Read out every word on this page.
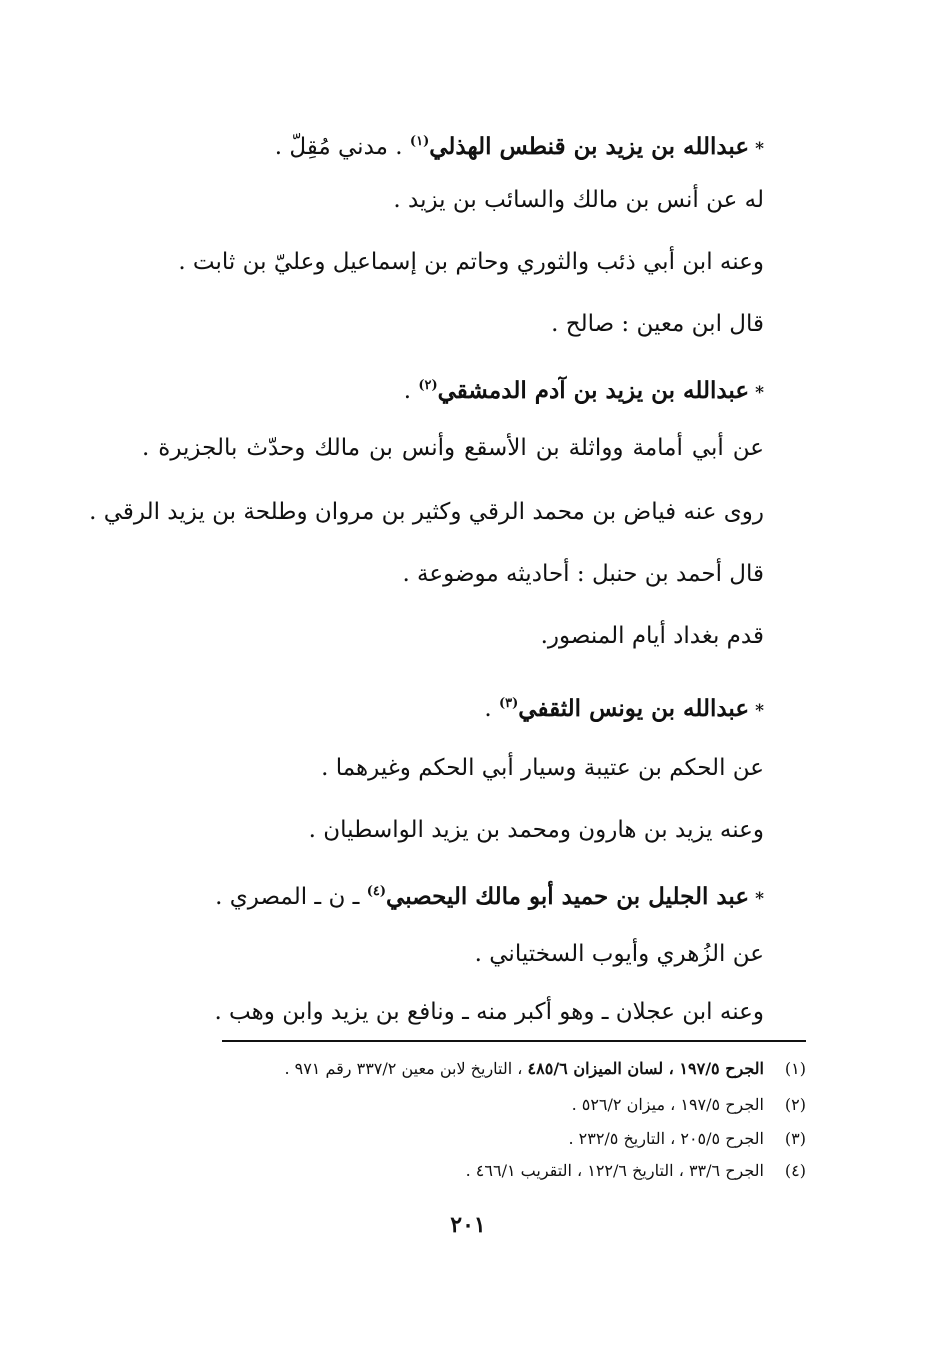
*عبدالله بن يزيد بن قنطس الهذلي$^{(١)}$ . مدني مُقِلّ .
له عن أنس بن مالك والسائب بن يزيد .
وعنه ابن أبي ذئب والثوري وحاتم بن إسماعيل وعليّ بن ثابت .
قال ابن معين : صالح .
*عبدالله بن يزيد بن آدم الدمشقي$^{(٢)}$ .
عن أبي أمامة وواثلة بن الأسقع وأنس بن مالك وحدّث بالجزيرة .
روى عنه فياض بن محمد الرقي وكثير بن مروان وطلحة بن يزيد الرقي .
قال أحمد بن حنبل : أحاديثه موضوعة .
قدم بغداد أيام المنصور.
*عبدالله بن يونس الثقفي$^{(٣)}$ .
عن الحكم بن عتيبة وسيار أبي الحكم وغيرهما .
وعنه يزيد بن هارون ومحمد بن يزيد الواسطيان .
*عبد الجليل بن حميد أبو مالك اليحصبي$^{(٤)}$ ـ ن ـ المصري .
عن الزُهري وأيوب السختياني .
وعنه ابن عجلان ـ وهو أكبر منه ـ ونافع بن يزيد وابن وهب .
(١)الجرح ١٩٧/٥ ، لسان الميزان ٤٨٥/٦ ، التاريخ لابن معين ٣٣٧/٢ رقم ٩٧١ .
(٢)الجرح ١٩٧/٥ ، ميزان ٥٢٦/٢ .
(٣)الجرح ٢٠٥/٥ ، التاريخ ٢٣٢/٥ .
(٤)الجرح ٣٣/٦ ، التاريخ ١٢٢/٦ ، التقريب ٤٦٦/١ .
٢٠١
